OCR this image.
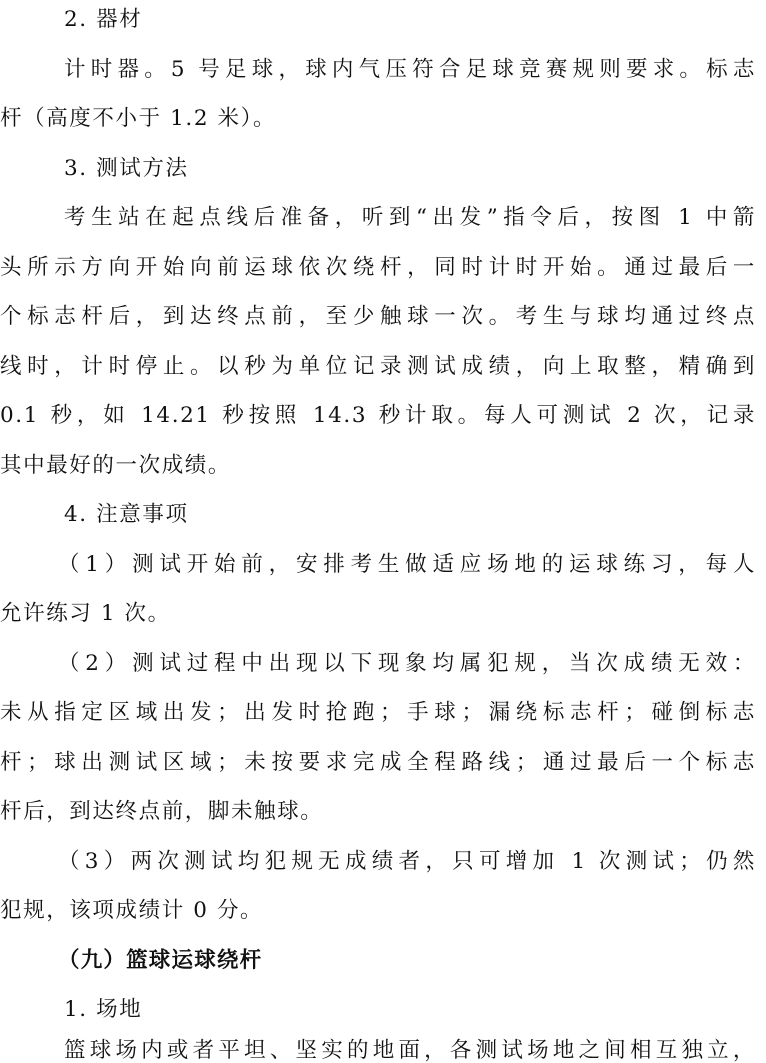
2. 器材
计时器。5 号足球，球内气压符合足球竞赛规则要求。标志
杆（高度不小于 1.2 米）。
3. 测试方法
考生站在起点线后准备，听到“出发”指令后，按图 1 中箭
头所示方向开始向前运球依次绕杆，同时计时开始。通过最后一
个标志杆后，到达终点前，至少触球一次。考生与球均通过终点
线时，计时停止。以秒为单位记录测试成绩，向上取整，精确到
0.1 秒，如 14.21 秒按照 14.3 秒计取。每人可测试 2 次，记录
其中最好的一次成绩。
4. 注意事项
（1）测试开始前，安排考生做适应场地的运球练习，每人
允许练习 1 次。
（2）测试过程中出现以下现象均属犯规，当次成绩无效：
未从指定区域出发；出发时抢跑；手球；漏绕标志杆；碰倒标志
杆；球出测试区域；未按要求完成全程路线；通过最后一个标志
杆后，到达终点前，脚未触球。
（3）两次测试均犯规无成绩者，只可增加 1 次测试；仍然
犯规，该项成绩计 0 分。
（九）篮球运球绕杆
1. 场地
篮球场内或者平坦、坚实的地面，各测试场地之间相互独立，
